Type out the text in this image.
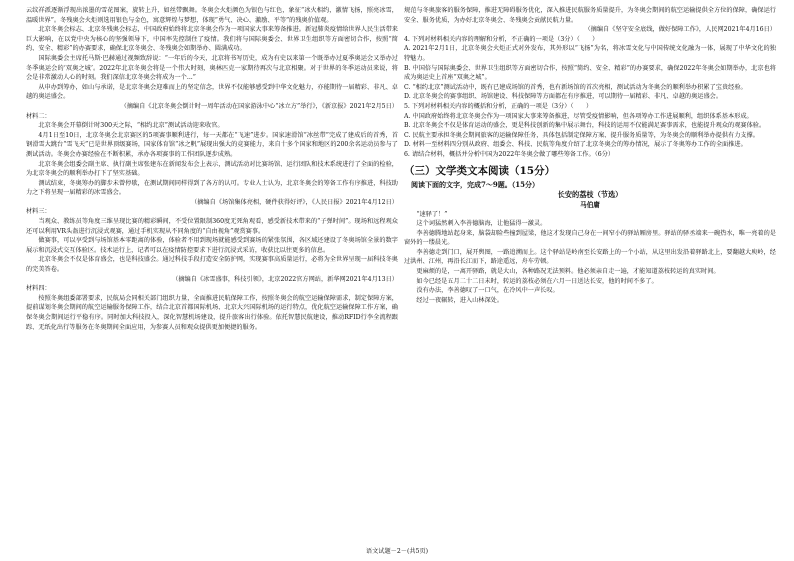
云纹祥派逐渐浮现出浓墨的雪花图案，旋转上升，如丝带飘舞。冬奥会火炬颜色为银色与红色，象征“冰火相约，激情飞扬，照亮冰雪，温暖世界”。冬残奥会火炬则选用银色与金色，寓意辉煌与梦想，体现“勇气、决心、激励、平等”的残奥价值观。

北京冬奥会标志、北京冬残奥会标志，中国政府始终将北京冬奥会作为一项国家大事来筹备推进。新冠肺炎疫情给世界人民生活带来巨大影响，在以党中央为核心的坚强领导下，中国率先控制住了疫情。我们将与国际奥委会、世界卫生组织等方面密切合作，按照“简约、安全、精彩”的办赛要求，确保北京冬奥会、冬残奥会如期举办、圆满成功。

国际奥委会主席托马斯·巴赫通过视频致辞说：“一年后的今天，北京将书写历史，成为有史以来第一个既举办过夏季奥运会又举办过冬季奥运会的‘双奥之城’。2022年北京冬奥会将是一个伟大时刻，奥林匹克一家期待再次与北京相聚。对于世界的冬季运动员来说，将会是非常激动人心的时刻。我们深信北京冬奥会将成为一个...”

从申办到筹办，如山与承诺，是北京冬奥会迎难而上的坚定信念，世界不仅能够感受到中华文化魅力，亦能期待一届精彩、非凡、卓越的奥运盛会。

（摘编自《北京冬奥会倒计时一周年活动在国家游泳中心“冰立方”举行》，《新京报》2021年2月5日）

材料二：

北京冬奥会开幕倒计时300天之际，“相约北京”测试活动迎来收官。

4月1日至10日，北京冬奥会北京赛区的5项赛事顺利进行，每一天都在“飞速”进步。国家速滑馆“冰丝带”完成了建成后的首秀，首钢滑雪大跳台“雪飞天”已是世界顶级赛场，国家体育馆“冰之帆”展现出强大的竞赛能力，来自十多个国家和地区的200余名运动员参与了测试活动。冬奥会办赛经验在不断积累，承办各项赛事的工作团队逐步成熟。

北京冬奥会组委会副主席、执行副主席张建东在新闻发布会上表示，测试活动对比赛场馆、运行团队和技术系统进行了全面的检验，为北京冬奥会的顺利举办打下了坚实基础。

测试结束，冬奥筹办的脚步未曾停歇，在测试期间同样得到了各方的认可。专业人士认为，北京冬奥会的筹备工作有序推进，科技助力之下将呈现一届精彩的冰雪盛会。

（摘编自《场馆集体亮相，硬件获得好评》，《人民日报》2021年4月12日）

材料三：

当观众、教练员等角度三维呈现比赛的精彩瞬间，不受位置限制360度无死角观看，感受新技术带来的“子弹时间”。现场和远程观众还可以利用VR头盔进行沉浸式观赛，通过手机实现从不同角度的“自由视角”观赏赛事。

做赛事，可以享受到与场馆基本零距离的体验，体验者不用到现场就能感受到赛场的紧张氛围，各区域还建设了冬奥场馆全景的数字展示和沉浸式交互体验区。技术运行上，记者可以在疫情防控要求下进行沉浸式采访，收获比以往更多的信息。

北京冬奥会不仅是体育盛会，也是科技盛会。通过科技手段打造安全防护网，实现赛事高质量运行，必将为全世界呈现一届科技冬奥的完美答卷。

（摘编自《冰雪盛事，科技引领》，北京2022官方网站，新华网2021年4月13日）

材料四：

按照冬奥组委部署要求，民航局会同相关部门组织力量，全面推进民航保障工作，按照冬奥会的航空运输保障需求，制定保障方案，提前谋划冬奥会期间的航空运输服务保障工作，结合北京首都国际机场、北京大兴国际机场的运行特点，优化航空运输保障工作方案，确保冬奥会期间运行平稳有序。同时加大科技投入，深化智慧机场建设，提升旅客出行体验。依托智慧民航建设，推动RFID行李全流程跟踪、无纸化出行等服务在冬奥期间全面应用，为参赛人员和观众提供更加便捷的服务。

规范与冬奥旅客的服务保障，推进无障碍服务优化，深入推进民航服务质量提升，为冬奥会期间的航空运输提供全方位的保障，确保运行安全、服务优质，为办好北京冬奥会、冬残奥会贡献民航力量。

（摘编自《坚守安全底线，做好保障工作》，人民网2021年4月16日）

4. 下列对材料相关内容的理解和分析，不正确的一项是（3分）（　　）

A. 2021年2月1日，北京冬奥会火炬正式对外发布，其外形以“飞扬”为名，将冰雪文化与中国传统文化融为一体，展现了中华文化的独特魅力。

B. 中国倍与国际奥委会、世界卫生组织等方面密切合作，按照“简约、安全、精彩”的办赛要求，确保2022年冬奥会如期举办，北京也将成为奥运史上首座“双奥之城”。

C. “相约北京”测试活动中，既有已建成场馆的首秀，也有新场馆的首次亮相，测试活动为冬奥会的顺利举办积累了宝贵经验。

D. 北京冬奥会的赛事组织、场馆建设、科技保障等方面都在有序推进，可以期待一届精彩、非凡、卓越的奥运盛会。

5. 下列对材料相关内容的概括和分析，正确的一项是（3分）（　　）

A. 中国政府始终将北京冬奥会作为一项国家大事来筹备推进，尽管受疫情影响，但各项筹办工作进展顺利，组织体系基本形成。

B. 北京冬奥会不仅是体育运动的盛会，更是科技创新的集中展示舞台，科技的运用不仅能满足赛事需求，也能提升观众的观赛体验。

C. 民航主要承担冬奥会期间旅客的运输保障任务，具体包括制定保障方案、提升服务质量等，为冬奥会的顺利举办提供有力支撑。

D. 材料一至材料四分别从政府、组委会、科技、民航等角度介绍了北京冬奥会的筹办情况，展示了冬奥筹办工作的全面推进。

6. 请结合材料，概括并分析中国为2022年冬奥会做了哪些筹备工作。（6分）

（三）文学类文本阅读（15分）

阅读下面的文字，完成7～9题。（15分）

长安的荔枝（节选）

马伯庸

“速驿了！”

这个词猛然刺入李善德脑海，让他猛得一激灵。

李善德腾地站起身来，脑袋却险些撞到屋梁，他这才发现自己身在一间窄小的驿站厢房里。驿站的驿丞端来一碗热水，唯一亮着的是窗外的一缕晨光。

李善德走到门口，展开舆图，一路追溯而上。这个驿站是岭南至长安路上的一个小站，从这里出发沿着驿路北上，要翻越大庾岭，经过洪州、江州，再沿长江而下，路途遥远，舟车劳顿。

更麻烦的是，一离开驿路，就是大山，各种路况无法预料。他必须亲自走一遍，才能知道荔枝转运的真实时间。

如今已经是五月二十二日未时，转运的荔枝必须在六月一日送达长安，他的时间不多了。

没有办法，李善德叹了一口气，在冷风中一声长叹。

经过一夜辗转，进入山林深处。

语文试题－2－(共5页)
